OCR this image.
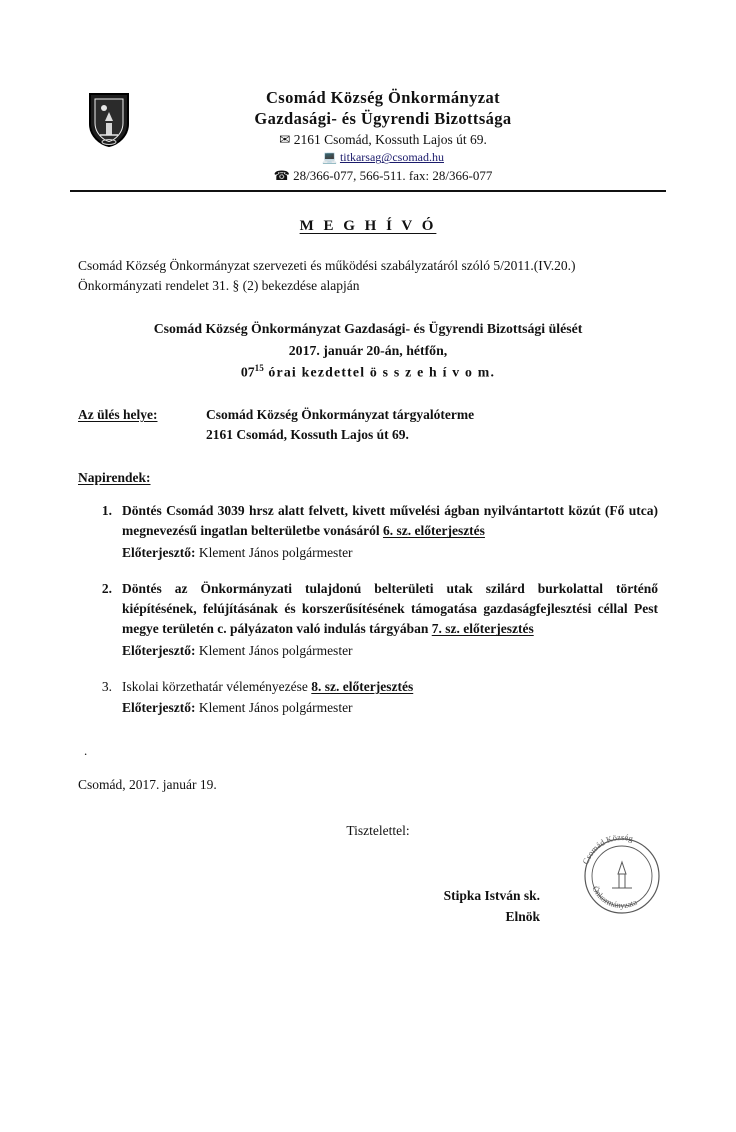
Csomád Község Önkormányzat
Gazdasági- és Ügyrendi Bizottsága
✉ 2161 Csomád, Kossuth Lajos út 69.
💻 titkarsag@csomad.hu
☎ 28/366-077, 566-511. fax: 28/366-077
M E G H Í V Ó
Csomád Község Önkormányzat szervezeti és működési szabályzatáról szóló 5/2011.(IV.20.)
Önkormányzati rendelet 31. § (2) bekezdése alapján
Csomád Község Önkormányzat Gazdasági- és Ügyrendi Bizottsági ülését
2017. január 20-án, hétfőn,
$07^{15}$ órai kezdettel ö s s z e h í v o m.
Az ülés helye:	Csomád Község Önkormányzat tárgyalóterme
2161 Csomád, Kossuth Lajos út 69.
Napirendek:
1. Döntés Csomád 3039 hrsz alatt felvett, kivett művelési ágban nyilvántartott közút (Fő utca) megnevezésű ingatlan belterületbe vonásáról 6. sz. előterjesztés
Előterjesztő: Klement János polgármester
2. Döntés az Önkormányzati tulajdonú belterületi utak szilárd burkolattal történő kiépítésének, felújításának és korszerűsítésének támogatása gazdaságfejlesztési céllal Pest megye területén c. pályázaton való indulás tárgyában 7. sz. előterjesztés
Előterjesztő: Klement János polgármester
3. Iskolai körzethatár véleményezése 8. sz. előterjesztés
Előterjesztő: Klement János polgármester
.
Csomád, 2017. január 19.
Tisztelettel:
Stipka István sk.
Elnök
Csomád Község
Önkormányzata
